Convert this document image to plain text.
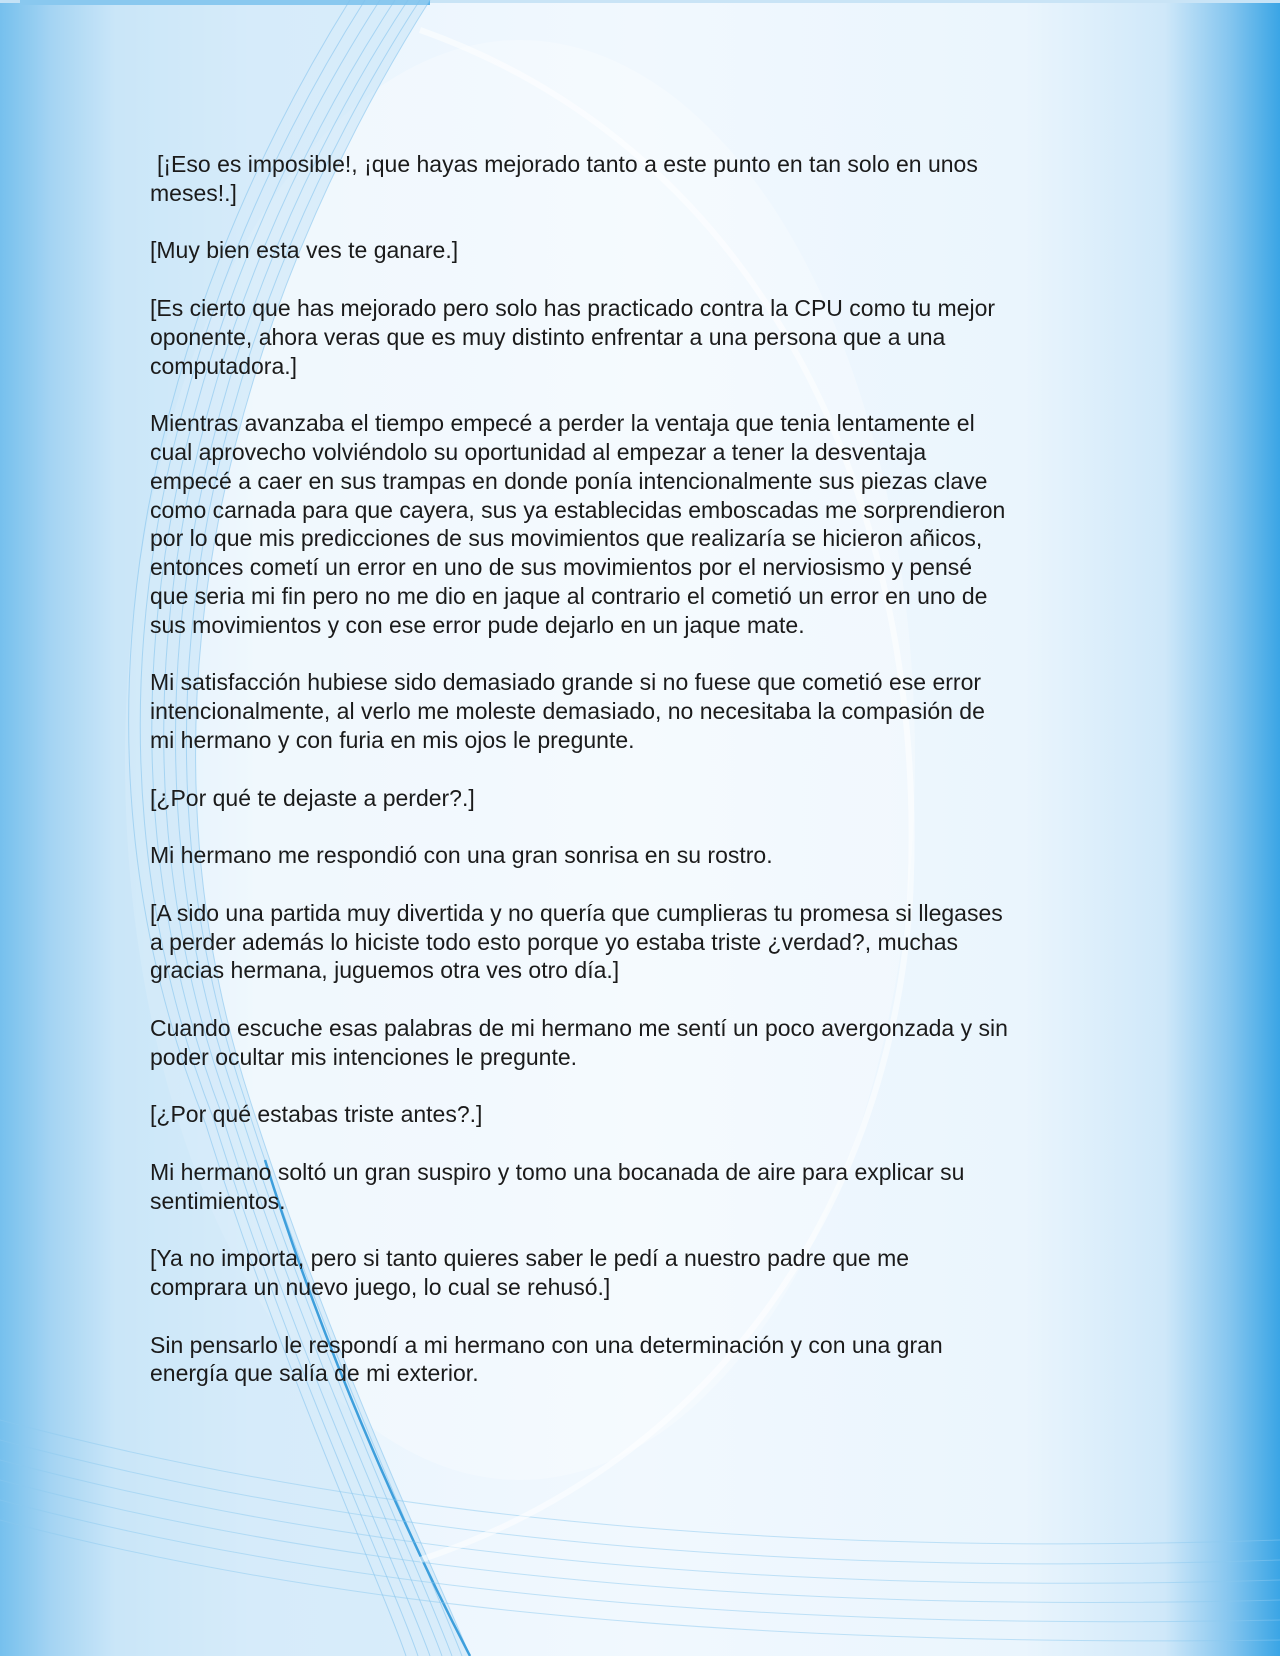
[¡Eso es imposible!, ¡que hayas mejorado tanto a este punto en tan solo en unos
meses!.]

[Muy bien esta ves te ganare.]

[Es cierto que has mejorado pero solo has practicado contra la CPU como tu mejor
oponente, ahora veras que es muy distinto enfrentar a una persona que a una
computadora.]

Mientras avanzaba el tiempo empecé a perder la ventaja que tenia lentamente el
cual aprovecho volviéndolo su oportunidad al empezar a tener la desventaja
empecé a caer en sus trampas en donde ponía intencionalmente sus piezas clave
como carnada para que cayera, sus ya establecidas emboscadas me sorprendieron
por lo que mis predicciones de sus movimientos que realizaría se hicieron añicos,
entonces cometí un error en uno de sus movimientos por el nerviosismo y pensé
que seria mi fin pero no me dio en jaque al contrario el cometió un error en uno de
sus movimientos y con ese error pude dejarlo en un jaque mate.

Mi satisfacción hubiese sido demasiado grande si no fuese que cometió ese error
intencionalmente, al verlo me moleste demasiado, no necesitaba la compasión de
mi hermano y con furia en mis ojos le pregunte.

[¿Por qué te dejaste a perder?.]

Mi hermano me respondió con una gran sonrisa en su rostro.

[A sido una partida muy divertida y no quería que cumplieras tu promesa si llegases
a perder además lo hiciste todo esto porque yo estaba triste ¿verdad?, muchas
gracias hermana, juguemos otra ves otro día.]

Cuando escuche esas palabras de mi hermano me sentí un poco avergonzada y sin
poder ocultar mis intenciones le pregunte.

[¿Por qué estabas triste antes?.]

Mi hermano soltó un gran suspiro y tomo una bocanada de aire para explicar su
sentimientos.

[Ya no importa, pero si tanto quieres saber le pedí a nuestro padre que me
comprara un nuevo juego, lo cual se rehusó.]

Sin pensarlo le respondí a mi hermano con una determinación y con una gran
energía que salía de mi exterior.
